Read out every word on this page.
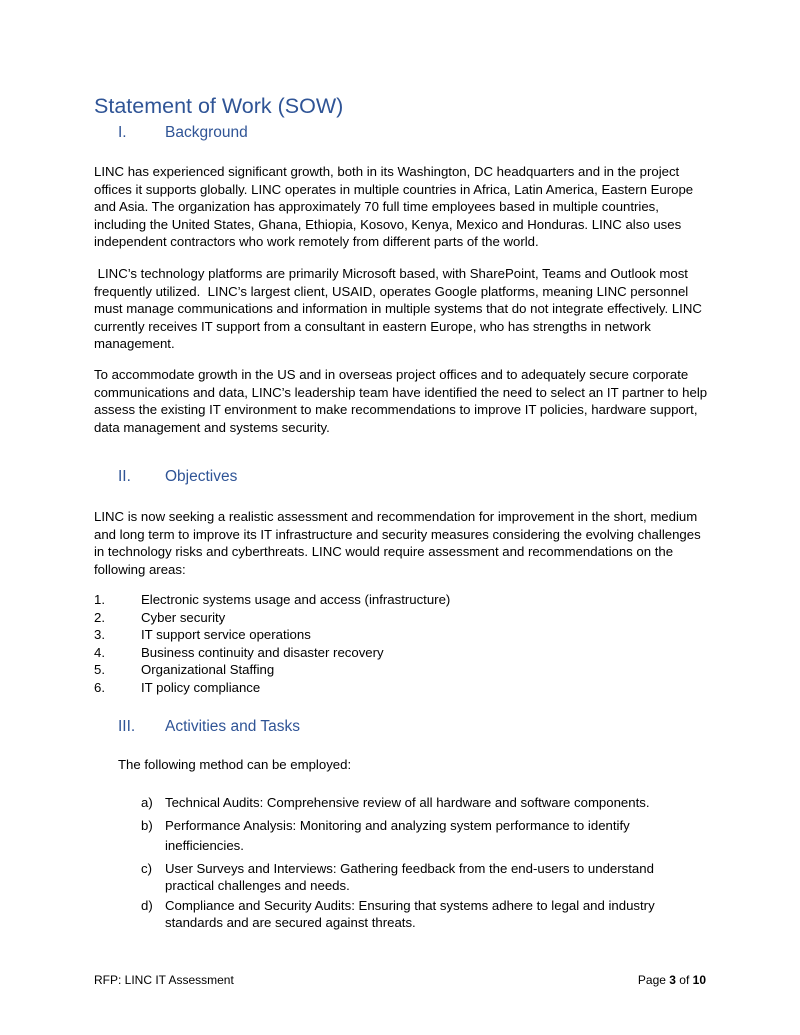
Statement of Work (SOW)
I. Background

LINC has experienced significant growth, both in its Washington, DC headquarters and in the project offices it supports globally. LINC operates in multiple countries in Africa, Latin America, Eastern Europe and Asia. The organization has approximately 70 full time employees based in multiple countries, including the United States, Ghana, Ethiopia, Kosovo, Kenya, Mexico and Honduras. LINC also uses independent contractors who work remotely from different parts of the world.

LINC’s technology platforms are primarily Microsoft based, with SharePoint, Teams and Outlook most frequently utilized.  LINC’s largest client, USAID, operates Google platforms, meaning LINC personnel must manage communications and information in multiple systems that do not integrate effectively. LINC currently receives IT support from a consultant in eastern Europe, who has strengths in network management.

To accommodate growth in the US and in overseas project offices and to adequately secure corporate communications and data, LINC’s leadership team have identified the need to select an IT partner to help assess the existing IT environment to make recommendations to improve IT policies, hardware support, data management and systems security.

II. Objectives

LINC is now seeking a realistic assessment and recommendation for improvement in the short, medium and long term to improve its IT infrastructure and security measures considering the evolving challenges in technology risks and cyberthreats. LINC would require assessment and recommendations on the following areas:

1.	Electronic systems usage and access (infrastructure)
2.	Cyber security
3.	IT support service operations
4.	Business continuity and disaster recovery
5.	Organizational Staffing
6.	IT policy compliance
III. Activities and Tasks

The following method can be employed:

a) Technical Audits: Comprehensive review of all hardware and software components.
b) Performance Analysis: Monitoring and analyzing system performance to identify inefficiencies.
c) User Surveys and Interviews: Gathering feedback from the end-users to understand practical challenges and needs.
d) Compliance and Security Audits: Ensuring that systems adhere to legal and industry standards and are secured against threats.
RFP: LINC IT Assessment	Page 3 of 10
